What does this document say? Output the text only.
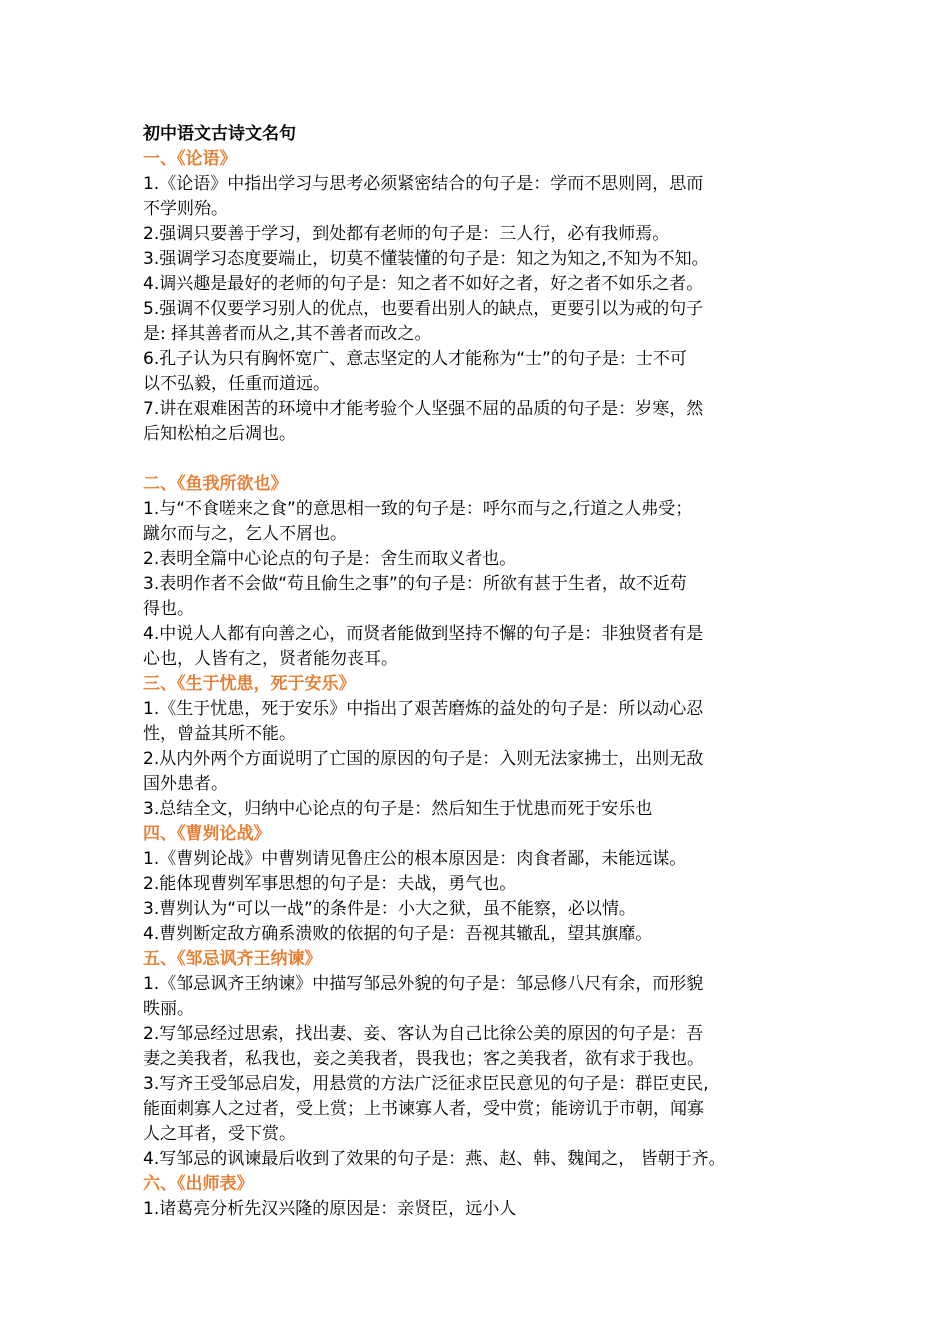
初中语文古诗文名句
一、《论语》

1.《论语》中指出学习与思考必须紧密结合的句子是：学而不思则罔，思而

不学则殆。

2.强调只要善于学习，到处都有老师的句子是：三人行，必有我师焉。

3.强调学习态度要端止，切莫不懂装懂的句子是：知之为知之,不知为不知。

4.调兴趣是最好的老师的句子是：知之者不如好之者，好之者不如乐之者。

5.强调不仅要学习别人的优点，也要看出别人的缺点，更要引以为戒的句子

是: 择其善者而从之,其不善者而改之。

6.孔子认为只有胸怀宽广、意志坚定的人才能称为“士”的句子是：士不可

以不弘毅，任重而道远。

7.讲在艰难困苦的环境中才能考验个人坚强不屈的品质的句子是：岁寒，然

后知松柏之后凋也。

二、《鱼我所欲也》

1.与“不食嗟来之食”的意思相一致的句子是：呼尔而与之,行道之人弗受；

蹴尔而与之，乞人不屑也。

2.表明全篇中心论点的句子是：舍生而取义者也。

3.表明作者不会做“苟且偷生之事”的句子是：所欲有甚于生者，故不近苟

得也。

4.中说人人都有向善之心，而贤者能做到坚持不懈的句子是：非独贤者有是

心也，人皆有之，贤者能勿丧耳。

三、《生于忧患，死于安乐》

1.《生于忧患，死于安乐》中指出了艰苦磨炼的益处的句子是：所以动心忍

性，曾益其所不能。

2.从内外两个方面说明了亡国的原因的句子是：入则无法家拂士，出则无敌

国外患者。

3.总结全文，归纳中心论点的句子是：然后知生于忧患而死于安乐也

四、《曹刿论战》

1.《曹刿论战》中曹刿请见鲁庄公的根本原因是：肉食者鄙，未能远谋。

2.能体现曹刿军事思想的句子是：夫战，勇气也。

3.曹刿认为“可以一战”的条件是：小大之狱，虽不能察，必以情。

4.曹刿断定敌方确系溃败的依据的句子是：吾视其辙乱，望其旗靡。

五、《邹忌讽齐王纳谏》

1.《邹忌讽齐王纳谏》中描写邹忌外貌的句子是：邹忌修八尺有余，而形貌

昳丽。

2.写邹忌经过思索，找出妻、妾、客认为自己比徐公美的原因的句子是：吾

妻之美我者，私我也，妾之美我者，畏我也；客之美我者，欲有求于我也。

3.写齐王受邹忌启发，用悬赏的方法广泛征求臣民意见的句子是：群臣吏民,

能面刺寡人之过者，受上赏；上书谏寡人者，受中赏；能谤讥于市朝，闻寡

人之耳者，受下赏。

4.写邹忌的讽谏最后收到了效果的句子是：燕、赵、韩、魏闻之， 皆朝于齐。

六、《出师表》

1.诸葛亮分析先汉兴隆的原因是：亲贤臣，远小人
